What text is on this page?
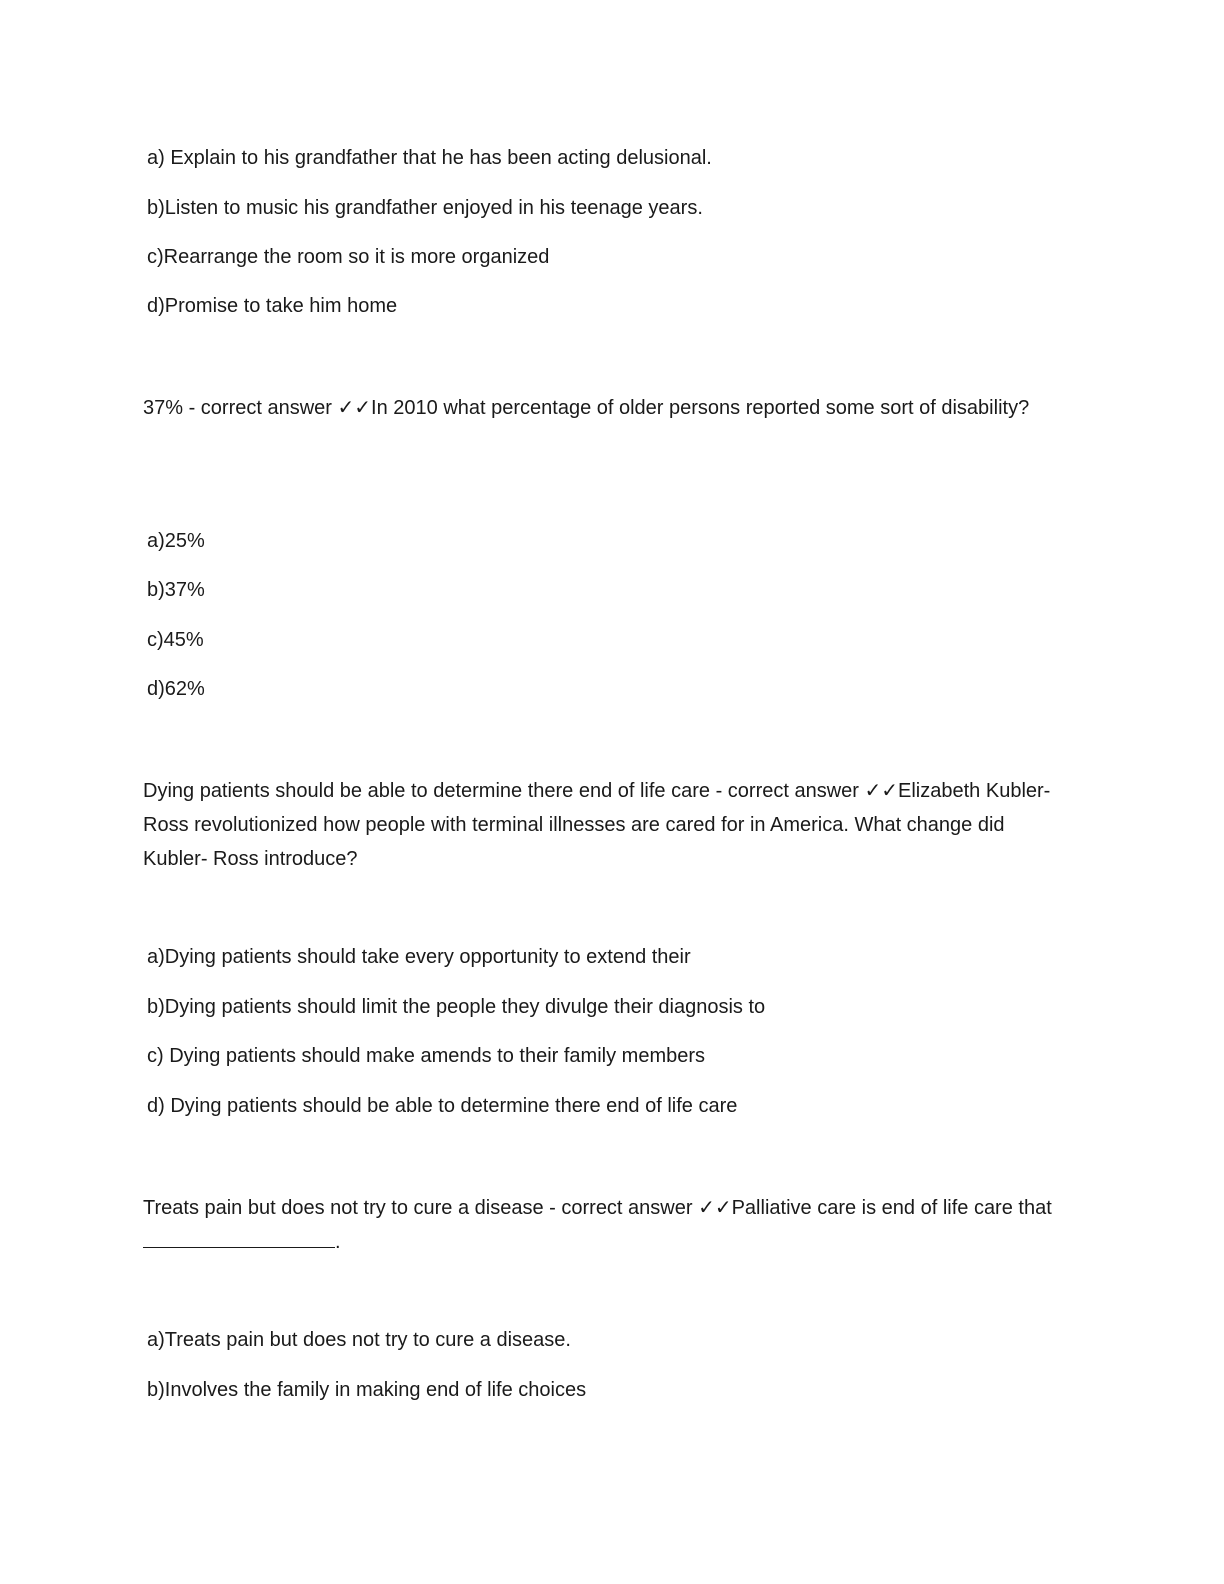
a) Explain to his grandfather that he has been acting delusional.

b)Listen to music his grandfather enjoyed in his teenage years.

c)Rearrange the room so it is more organized

d)Promise to take him home

37% - correct answer ✓✓In 2010 what percentage of older persons reported some sort of disability?

a)25%

b)37%

c)45%

d)62%

Dying patients should be able to determine there end of life care - correct answer ✓✓Elizabeth Kubler-Ross revolutionized how people with terminal illnesses are cared for in America. What change did Kubler- Ross introduce?

a)Dying patients should take every opportunity to extend their

b)Dying patients should limit the people they divulge their diagnosis to

c) Dying patients should make amends to their family members

d) Dying patients should be able to determine there end of life care

Treats pain but does not try to cure a disease - correct answer ✓✓Palliative care is end of life care that .

a)Treats pain but does not try to cure a disease.

b)Involves the family in making end of life choices
